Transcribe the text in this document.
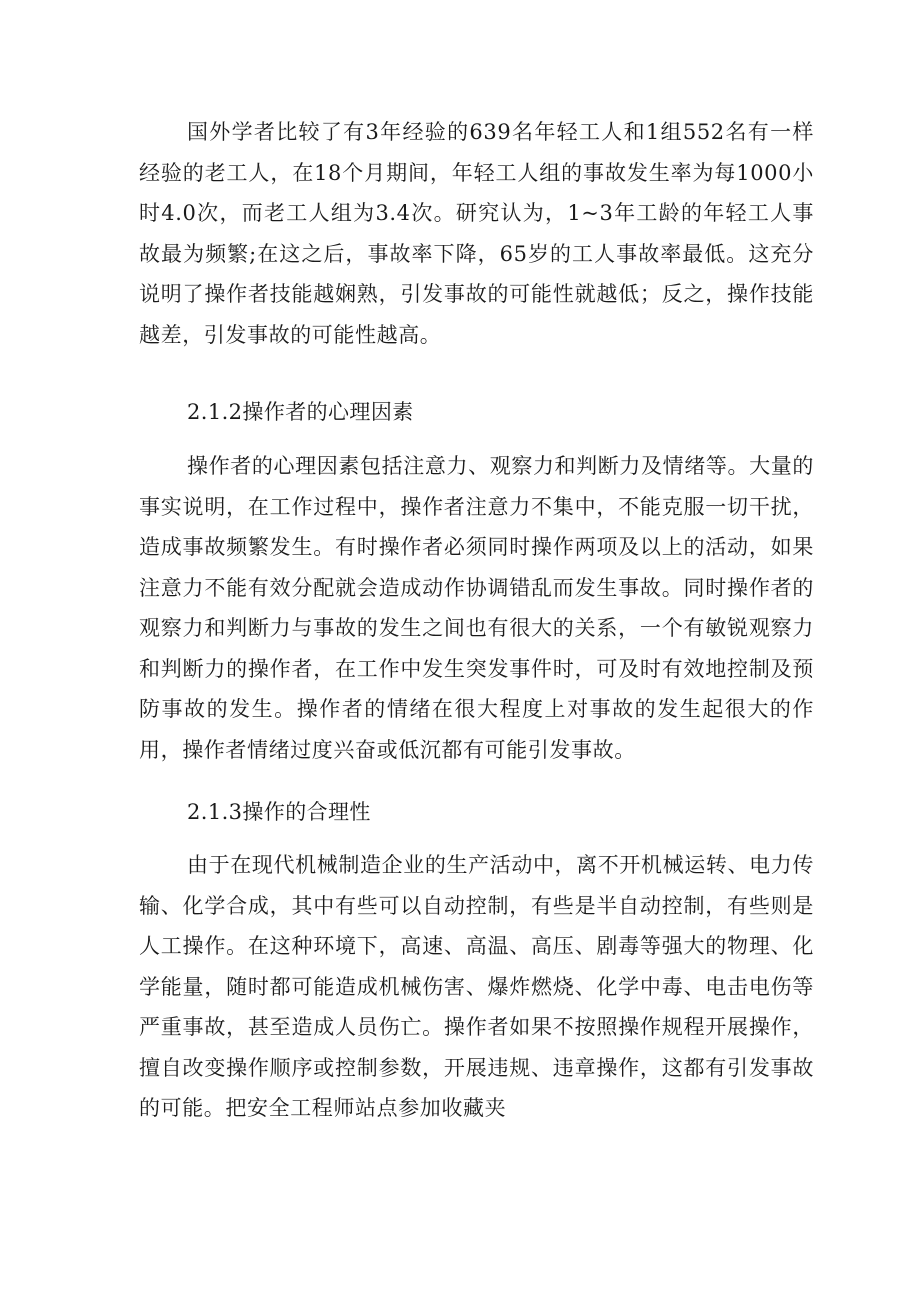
国外学者比较了有3年经验的639名年轻工人和1组552名有一样经验的老工人，在18个月期间，年轻工人组的事故发生率为每1000小时4.0次，而老工人组为3.4次。研究认为，1~3年工龄的年轻工人事故最为频繁;在这之后，事故率下降，65岁的工人事故率最低。这充分说明了操作者技能越娴熟，引发事故的可能性就越低；反之，操作技能越差，引发事故的可能性越高。

2.1.2操作者的心理因素

操作者的心理因素包括注意力、观察力和判断力及情绪等。大量的事实说明，在工作过程中，操作者注意力不集中，不能克服一切干扰，造成事故频繁发生。有时操作者必须同时操作两项及以上的活动，如果注意力不能有效分配就会造成动作协调错乱而发生事故。同时操作者的观察力和判断力与事故的发生之间也有很大的关系，一个有敏锐观察力和判断力的操作者，在工作中发生突发事件时，可及时有效地控制及预防事故的发生。操作者的情绪在很大程度上对事故的发生起很大的作用，操作者情绪过度兴奋或低沉都有可能引发事故。

2.1.3操作的合理性

由于在现代机械制造企业的生产活动中，离不开机械运转、电力传输、化学合成，其中有些可以自动控制，有些是半自动控制，有些则是人工操作。在这种环境下，高速、高温、高压、剧毒等强大的物理、化学能量，随时都可能造成机械伤害、爆炸燃烧、化学中毒、电击电伤等严重事故，甚至造成人员伤亡。操作者如果不按照操作规程开展操作，擅自改变操作顺序或控制参数，开展违规、违章操作，这都有引发事故的可能。把安全工程师站点参加收藏夹
